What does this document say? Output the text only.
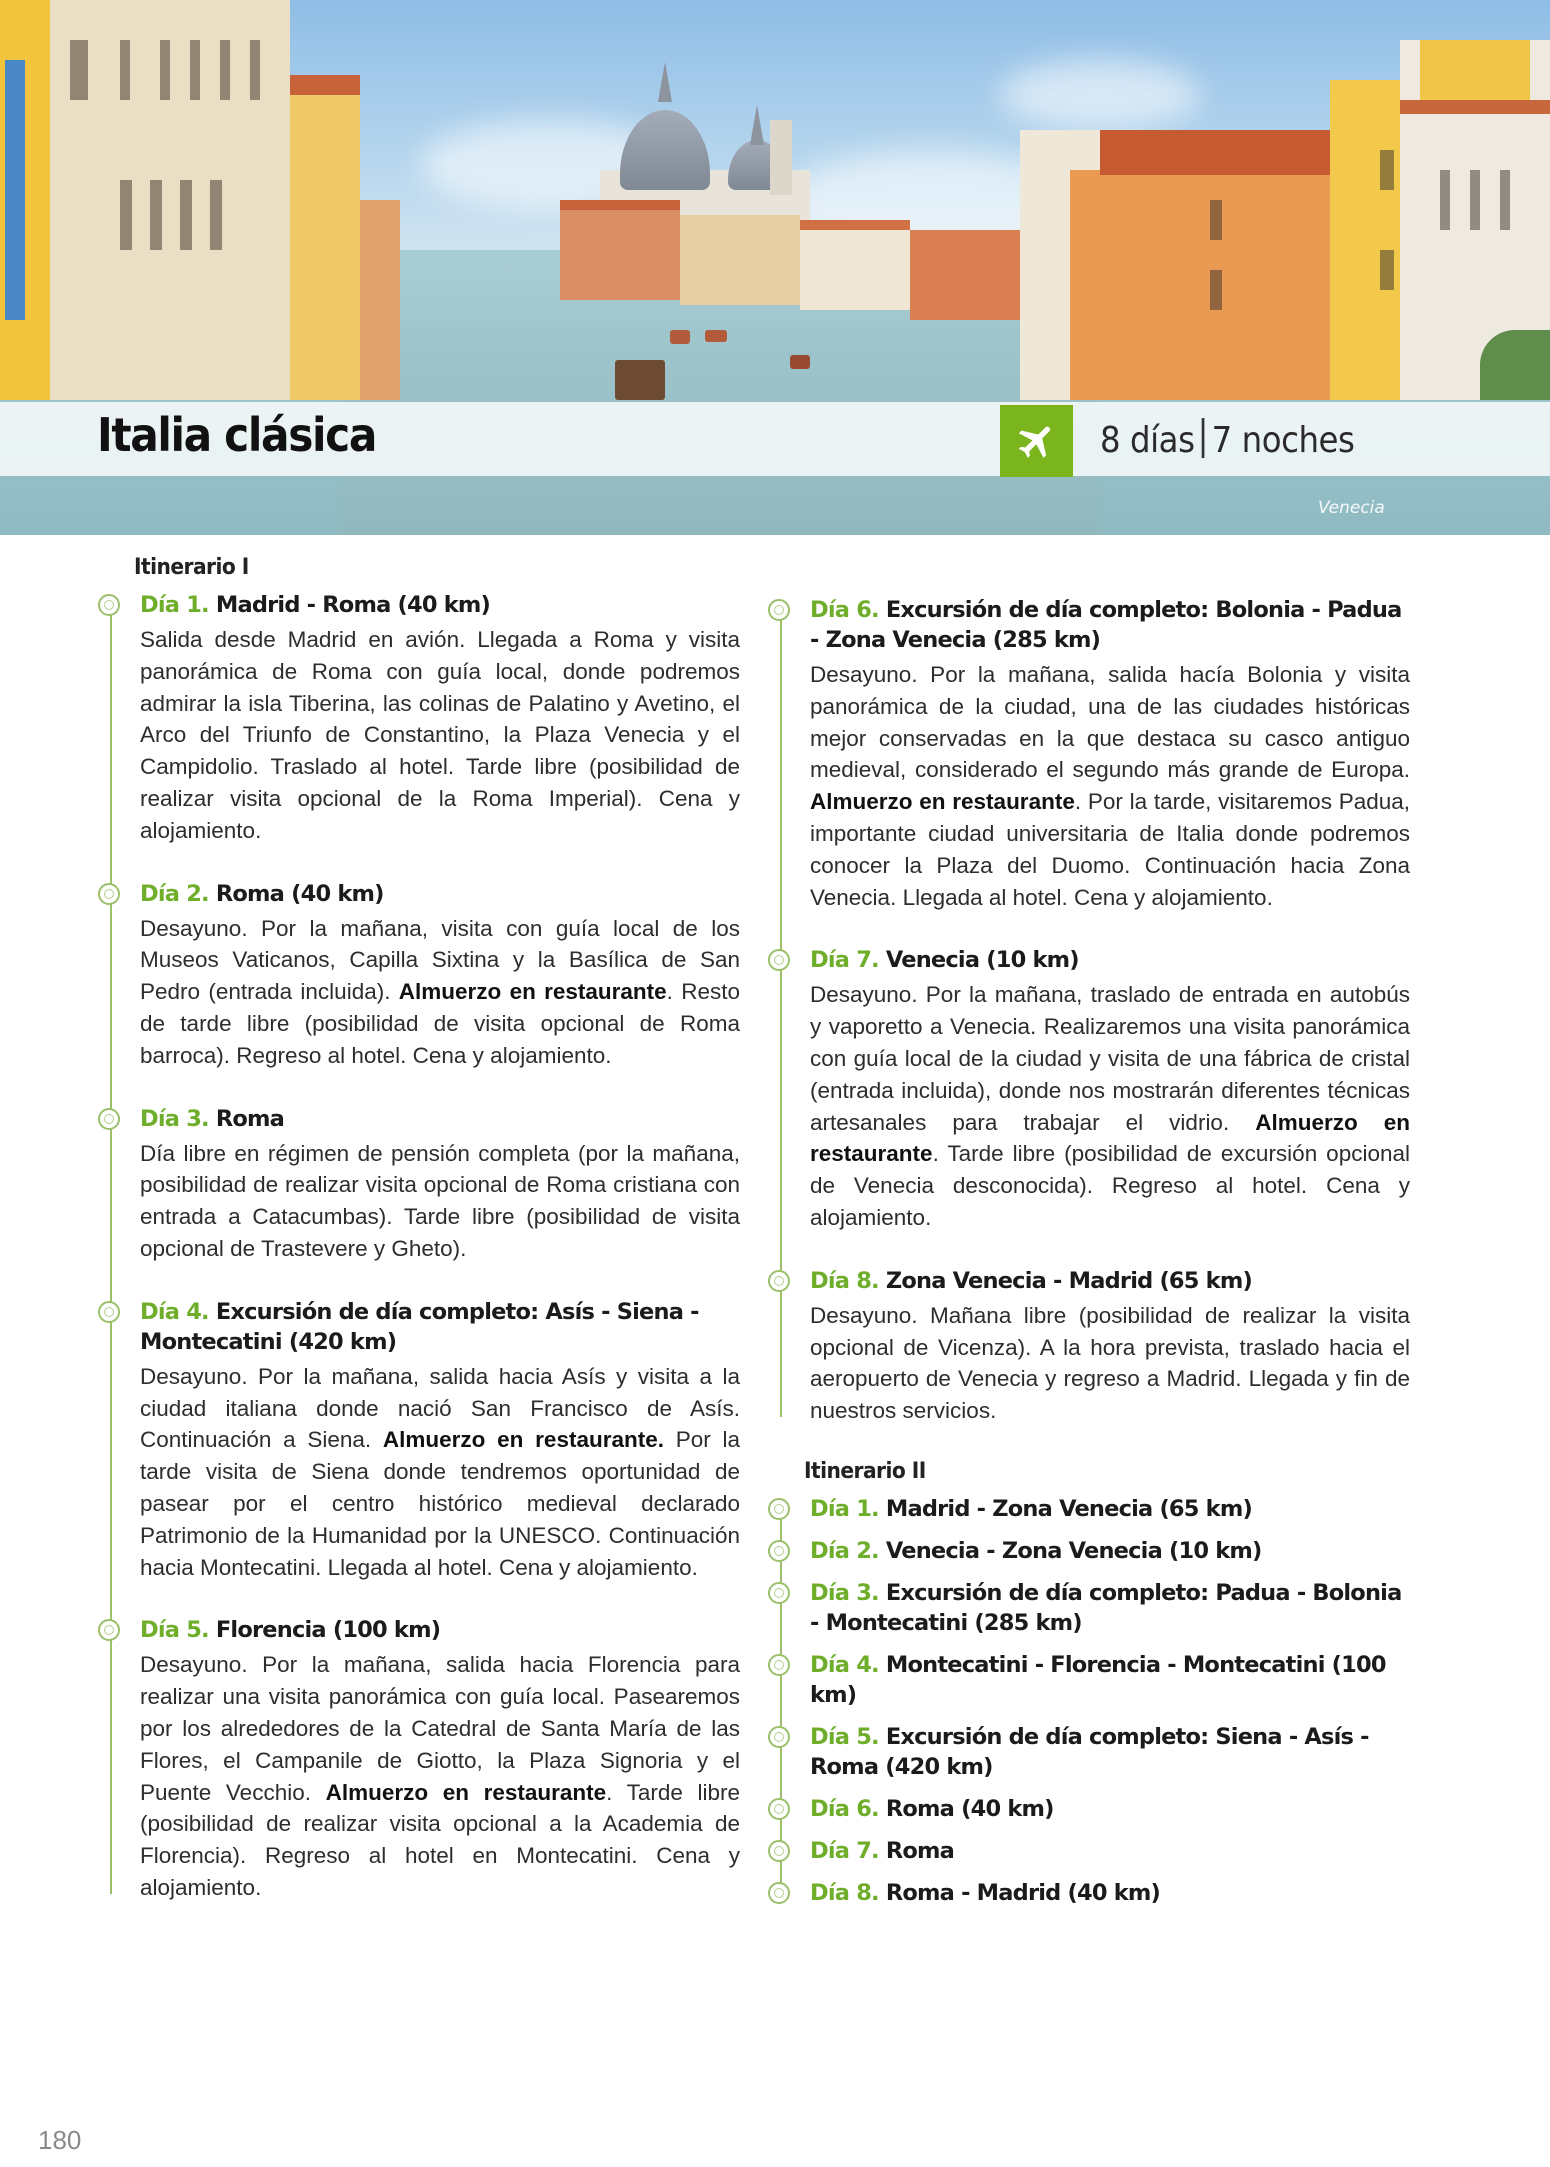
Italia clásica	8 días 7 noches
Venecia
Itinerario I
Día 1. Madrid - Roma (40 km)
Salida desde Madrid en avión. Llegada a Roma y visita panorámica de Roma con guía local, donde podremos admirar la isla Tiberina, las colinas de Palatino y Avetino, el Arco del Triunfo de Constantino, la Plaza Venecia y el Campidolio. Traslado al hotel. Tarde libre (posibilidad de realizar visita opcional de la Roma Imperial). Cena y alojamiento.
Día 2. Roma (40 km)
Desayuno. Por la mañana, visita con guía local de los Museos Vaticanos, Capilla Sixtina y la Basílica de San Pedro (entrada incluida). Almuerzo en restaurante. Resto de tarde libre (posibilidad de visita opcional de Roma barroca). Regreso al hotel. Cena y alojamiento.
Día 3. Roma
Día libre en régimen de pensión completa (por la mañana, posibilidad de realizar visita opcional de Roma cristiana con entrada a Catacumbas). Tarde libre (posibilidad de visita opcional de Trastevere y Gheto).
Día 4. Excursión de día completo: Asís - Siena - Montecatini (420 km)
Desayuno. Por la mañana, salida hacia Asís y visita a la ciudad italiana donde nació San Francisco de Asís. Continuación a Siena. Almuerzo en restaurante. Por la tarde visita de Siena donde tendremos oportunidad de pasear por el centro histórico medieval declarado Patrimonio de la Humanidad por la UNESCO. Continuación hacia Montecatini. Llegada al hotel. Cena y alojamiento.
Día 5. Florencia (100 km)
Desayuno. Por la mañana, salida hacia Florencia para realizar una visita panorámica con guía local. Pasearemos por los alrededores de la Catedral de Santa María de las Flores, el Campanile de Giotto, la Plaza Signoria y el Puente Vecchio. Almuerzo en restaurante. Tarde libre (posibilidad de realizar visita opcional a la Academia de Florencia). Regreso al hotel en Montecatini. Cena y alojamiento.
Día 6. Excursión de día completo: Bolonia - Padua - Zona Venecia (285 km)
Desayuno. Por la mañana, salida hacía Bolonia y visita panorámica de la ciudad, una de las ciudades históricas mejor conservadas en la que destaca su casco antiguo medieval, considerado el segundo más grande de Europa. Almuerzo en restaurante. Por la tarde, visitaremos Padua, importante ciudad universitaria de Italia donde podremos conocer la Plaza del Duomo. Continuación hacia Zona Venecia. Llegada al hotel. Cena y alojamiento.
Día 7. Venecia (10 km)
Desayuno. Por la mañana, traslado de entrada en autobús y vaporetto a Venecia. Realizaremos una visita panorámica con guía local de la ciudad y visita de una fábrica de cristal (entrada incluida), donde nos mostrarán diferentes técnicas artesanales para trabajar el vidrio. Almuerzo en restaurante. Tarde libre (posibilidad de excursión opcional de Venecia desconocida). Regreso al hotel. Cena y alojamiento.
Día 8. Zona Venecia - Madrid (65 km)
Desayuno. Mañana libre (posibilidad de realizar la visita opcional de Vicenza). A la hora prevista, traslado hacia el aeropuerto de Venecia y regreso a Madrid. Llegada y fin de nuestros servicios.
Itinerario II
Día 1. Madrid - Zona Venecia (65 km)
Día 2. Venecia - Zona Venecia (10 km)
Día 3. Excursión de día completo: Padua - Bolonia - Montecatini (285 km)
Día 4. Montecatini - Florencia - Montecatini (100 km)
Día 5. Excursión de día completo: Siena - Asís - Roma (420 km)
Día 6. Roma (40 km)
Día 7. Roma
Día 8. Roma - Madrid (40 km)
180
